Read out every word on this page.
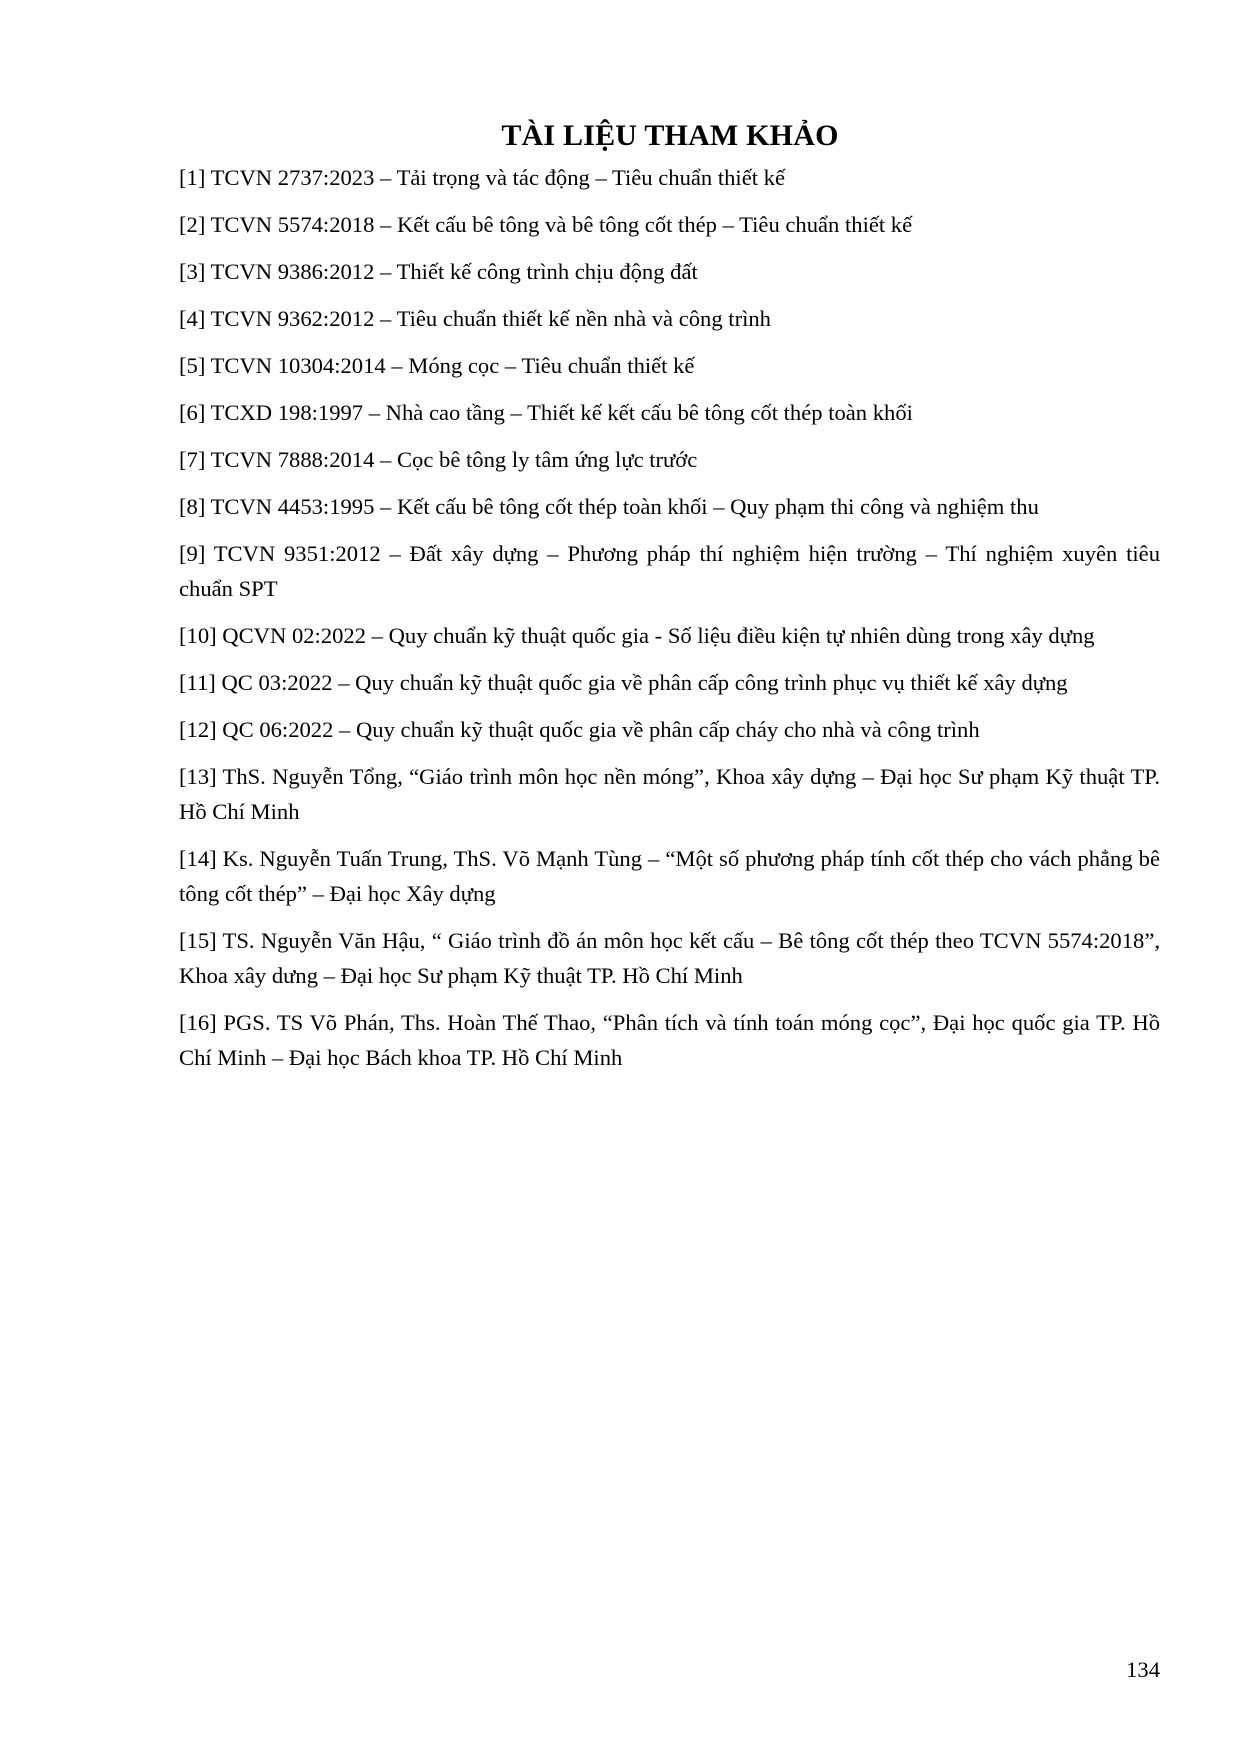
TÀI LIỆU THAM KHẢO
[1] TCVN 2737:2023 – Tải trọng và tác động – Tiêu chuẩn thiết kế
[2] TCVN 5574:2018 – Kết cấu bê tông và bê tông cốt thép – Tiêu chuẩn thiết kế
[3] TCVN 9386:2012 – Thiết kế công trình chịu động đất
[4] TCVN 9362:2012 – Tiêu chuẩn thiết kế nền nhà và công trình
[5] TCVN 10304:2014 – Móng cọc – Tiêu chuẩn thiết kế
[6] TCXD 198:1997 – Nhà cao tầng – Thiết kế kết cấu bê tông cốt thép toàn khối
[7] TCVN 7888:2014 – Cọc bê tông ly tâm ứng lực trước
[8] TCVN 4453:1995 – Kết cấu bê tông cốt thép toàn khối – Quy phạm thi công và nghiệm thu
[9] TCVN 9351:2012 – Đất xây dựng – Phương pháp thí nghiệm hiện trường – Thí nghiệm xuyên tiêu chuẩn SPT
[10] QCVN 02:2022 – Quy chuẩn kỹ thuật quốc gia - Số liệu điều kiện tự nhiên dùng trong xây dựng
[11] QC 03:2022 – Quy chuẩn kỹ thuật quốc gia về phân cấp công trình phục vụ thiết kế xây dựng
[12] QC 06:2022 – Quy chuẩn kỹ thuật quốc gia về phân cấp cháy cho nhà và công trình
[13] ThS. Nguyễn Tổng, “Giáo trình môn học nền móng”, Khoa xây dựng – Đại học Sư phạm Kỹ thuật TP. Hồ Chí Minh
[14] Ks. Nguyễn Tuấn Trung, ThS. Võ Mạnh Tùng – “Một số phương pháp tính cốt thép cho vách phẳng bê tông cốt thép” – Đại học Xây dựng
[15] TS. Nguyễn Văn Hậu, “ Giáo trình đồ án môn học kết cấu – Bê tông cốt thép theo TCVN 5574:2018”, Khoa xây dưng – Đại học Sư phạm Kỹ thuật TP. Hồ Chí Minh
[16] PGS. TS Võ Phán, Ths. Hoàn Thế Thao, “Phân tích và tính toán móng cọc”, Đại học quốc gia TP. Hồ Chí Minh – Đại học Bách khoa TP. Hồ Chí Minh
134
